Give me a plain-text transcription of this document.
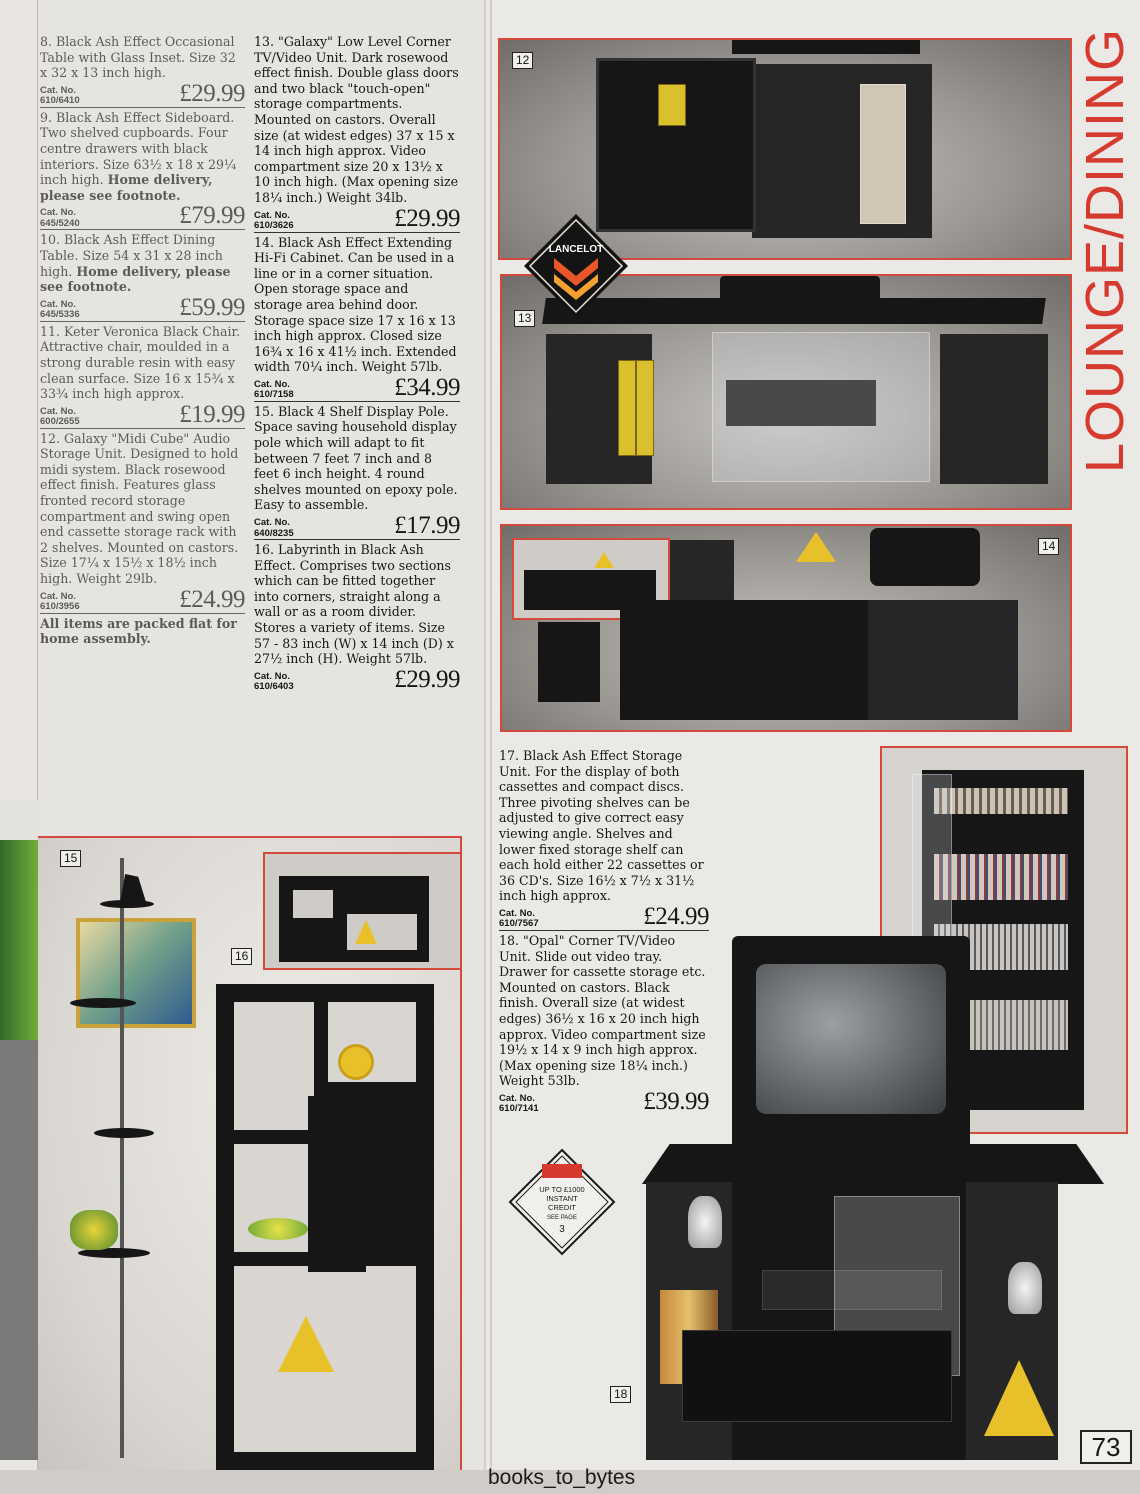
8. Black Ash Effect Occasional Table with Glass Inset. Size 32 x 32 x 13 inch high.
Cat. No.
610/6410	£29.99
9. Black Ash Effect Sideboard. Two shelved cupboards. Four centre drawers with black interiors. Size 63½ x 18 x 29¼ inch high. Home delivery, please see footnote.
Cat. No.
645/5240	£79.99
10. Black Ash Effect Dining Table. Size 54 x 31 x 28 inch high. Home delivery, please see footnote.
Cat. No.
645/5336	£59.99
11. Keter Veronica Black Chair. Attractive chair, moulded in a strong durable resin with easy clean surface. Size 16 x 15¾ x 33¾ inch high approx.
Cat. No.
600/2655	£19.99
12. Galaxy "Midi Cube" Audio Storage Unit. Designed to hold midi system. Black rosewood effect finish. Features glass fronted record storage compartment and swing open end cassette storage rack with 2 shelves. Mounted on castors. Size 17¼ x 15½ x 18½ inch high. Weight 29lb.
Cat. No.
610/3956	£24.99
All items are packed flat for home assembly.
13. "Galaxy" Low Level Corner TV/Video Unit. Dark rosewood effect finish. Double glass doors and two black "touch-open" storage compartments. Mounted on castors. Overall size (at widest edges) 37 x 15 x 14 inch high approx. Video compartment size 20 x 13½ x 10 inch high. (Max opening size 18¼ inch.) Weight 34lb.
Cat. No.
610/3626	£29.99
14. Black Ash Effect Extending Hi-Fi Cabinet. Can be used in a line or in a corner situation. Open storage space and storage area behind door. Storage space size 17 x 16 x 13 inch high approx. Closed size 16¾ x 16 x 41½ inch. Extended width 70¼ inch. Weight 57lb.
Cat. No.
610/7158	£34.99
15. Black 4 Shelf Display Pole. Space saving household display pole which will adapt to fit between 7 feet 7 inch and 8 feet 6 inch height. 4 round shelves mounted on epoxy pole. Easy to assemble.
Cat. No.
640/8235	£17.99
16. Labyrinth in Black Ash Effect. Comprises two sections which can be fitted together into corners, straight along a wall or as a room divider. Stores a variety of items. Size 57 - 83 inch (W) x 14 inch (D) x 27½ inch (H). Weight 57lb.
Cat. No.
610/6403	£29.99
17. Black Ash Effect Storage Unit. For the display of both cassettes and compact discs. Three pivoting shelves can be adjusted to give correct easy viewing angle. Shelves and lower fixed storage shelf can each hold either 22 cassettes or 36 CD's. Size 16½ x 7½ x 31½ inch high approx.
Cat. No.
610/7567	£24.99
18. "Opal" Corner TV/Video Unit. Slide out video tray. Drawer for cassette storage etc. Mounted on castors. Black finish. Overall size (at widest edges) 36½ x 16 x 20 inch high approx. Video compartment size 19½ x 14 x 9 inch high approx. (Max opening size 18¼ inch.) Weight 53lb.
Cat. No.
610/7141	£39.99
12
13
LANCELOT
14
15
16
18
UP TO £1000
INSTANT
CREDIT
SEE PAGE
3
LOUNGE/DINING
73
books_to_bytes
